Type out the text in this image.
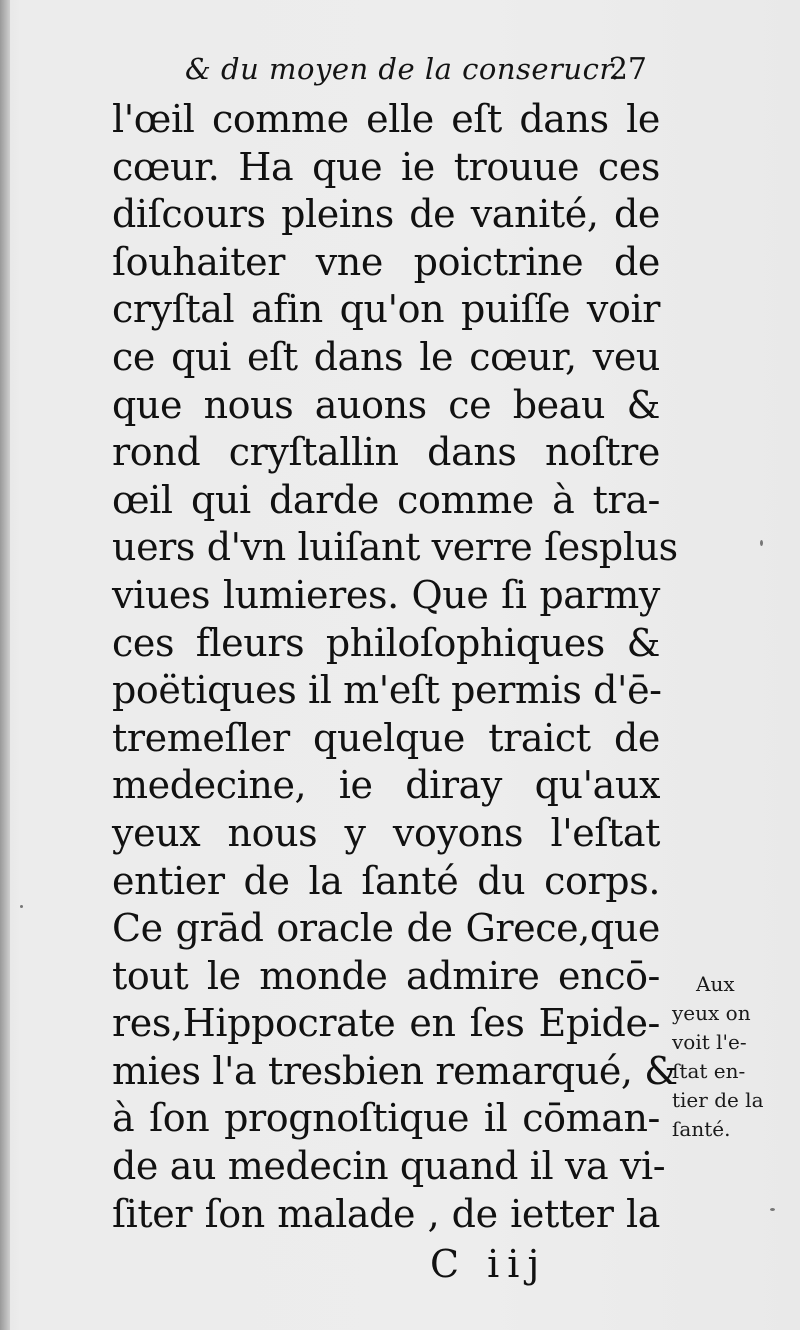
& du moyen de la conserucr.
27
l'œil comme elle eſt dans le
cœur. Ha que ie trouue ces
diſcours pleins de vanité, de
ſouhaiter vne poictrine de
cryſtal afin qu'on puiſſe voir
ce qui eſt dans le cœur, veu
que nous auons ce beau &
rond cryſtallin dans noſtre
œil qui darde comme à tra-
uers d'vn luiſant verre ſesplus
viues lumieres. Que ſi parmy
ces fleurs philoſophiques &
poëtiques il m'eſt permis d'ē-
tremeſler quelque traict de
medecine, ie diray qu'aux
yeux nous y voyons l'eſtat
entier de la ſanté du corps.
Ce grād oracle de Grece,que
tout le monde admire encō-
res,Hippocrate en ſes Epide-
mies l'a tresbien remarqué, &
à ſon prognoſtique il cōman-
de au medecin quand il va vi-
ſiter ſon malade , de ietter la
Aux
yeux on
voit l'e-
ſtat en-
tier de la
ſanté.
C iij
